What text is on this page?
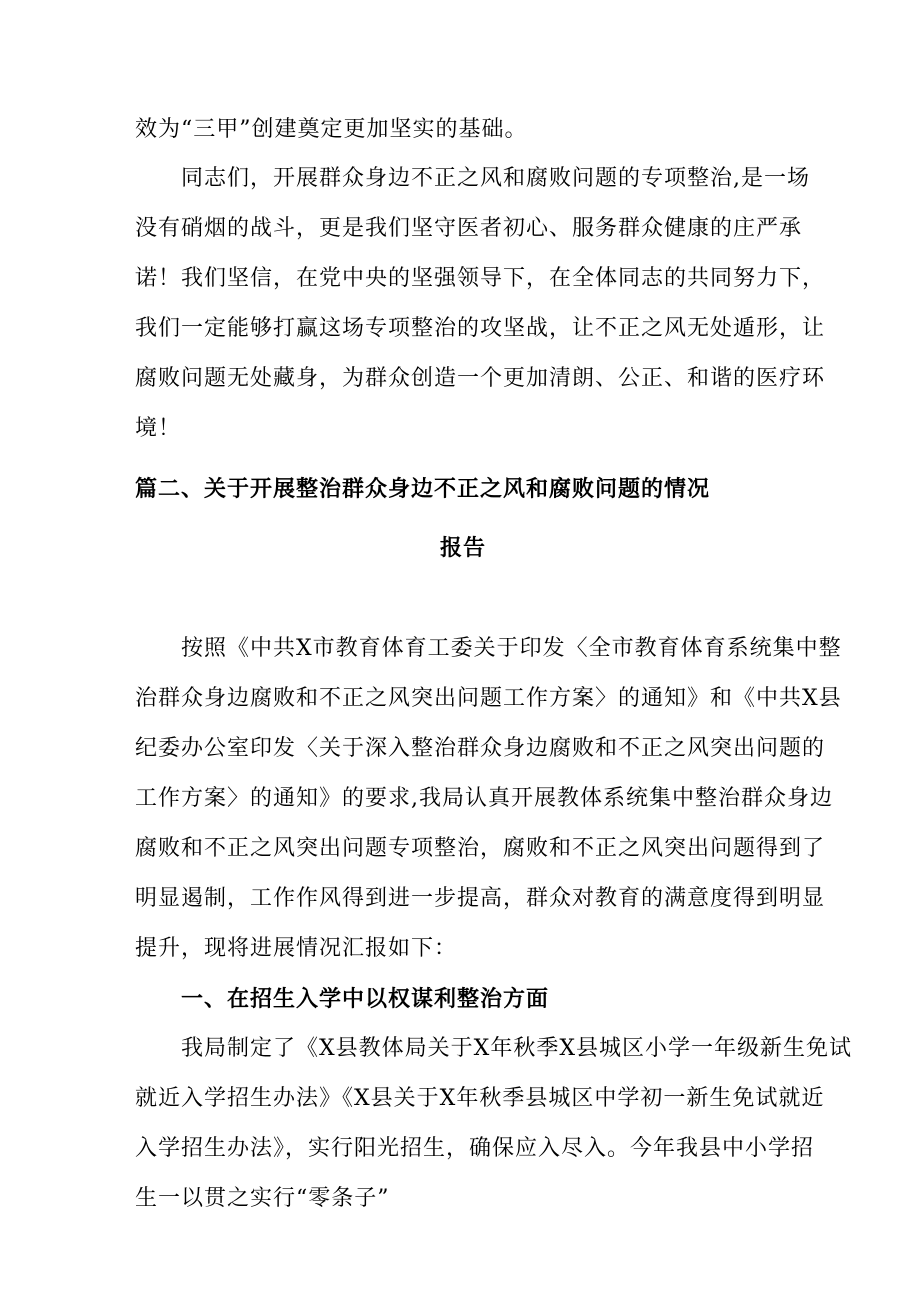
效为“三甲”创建奠定更加坚实的基础。
同志们，开展群众身边不正之风和腐败问题的专项整治,是一场
没有硝烟的战斗，更是我们坚守医者初心、服务群众健康的庄严承
诺！我们坚信，在党中央的坚强领导下，在全体同志的共同努力下，
我们一定能够打赢这场专项整治的攻坚战，让不正之风无处遁形，让
腐败问题无处藏身，为群众创造一个更加清朗、公正、和谐的医疗环
境！
篇二、关于开展整治群众身边不正之风和腐败问题的情况
报告
按照《中共X市教育体育工委关于印发〈全市教育体育系统集中整
治群众身边腐败和不正之风突出问题工作方案〉的通知》和《中共X县
纪委办公室印发〈关于深入整治群众身边腐败和不正之风突出问题的
工作方案〉的通知》的要求,我局认真开展教体系统集中整治群众身边
腐败和不正之风突出问题专项整治，腐败和不正之风突出问题得到了
明显遏制，工作作风得到进一步提高，群众对教育的满意度得到明显
提升，现将进展情况汇报如下：
一、在招生入学中以权谋利整治方面
我局制定了《X县教体局关于X年秋季X县城区小学一年级新生免试
就近入学招生办法》《X县关于X年秋季县城区中学初一新生免试就近
入学招生办法》，实行阳光招生，确保应入尽入。今年我县中小学招
生一以贯之实行“零条子”
